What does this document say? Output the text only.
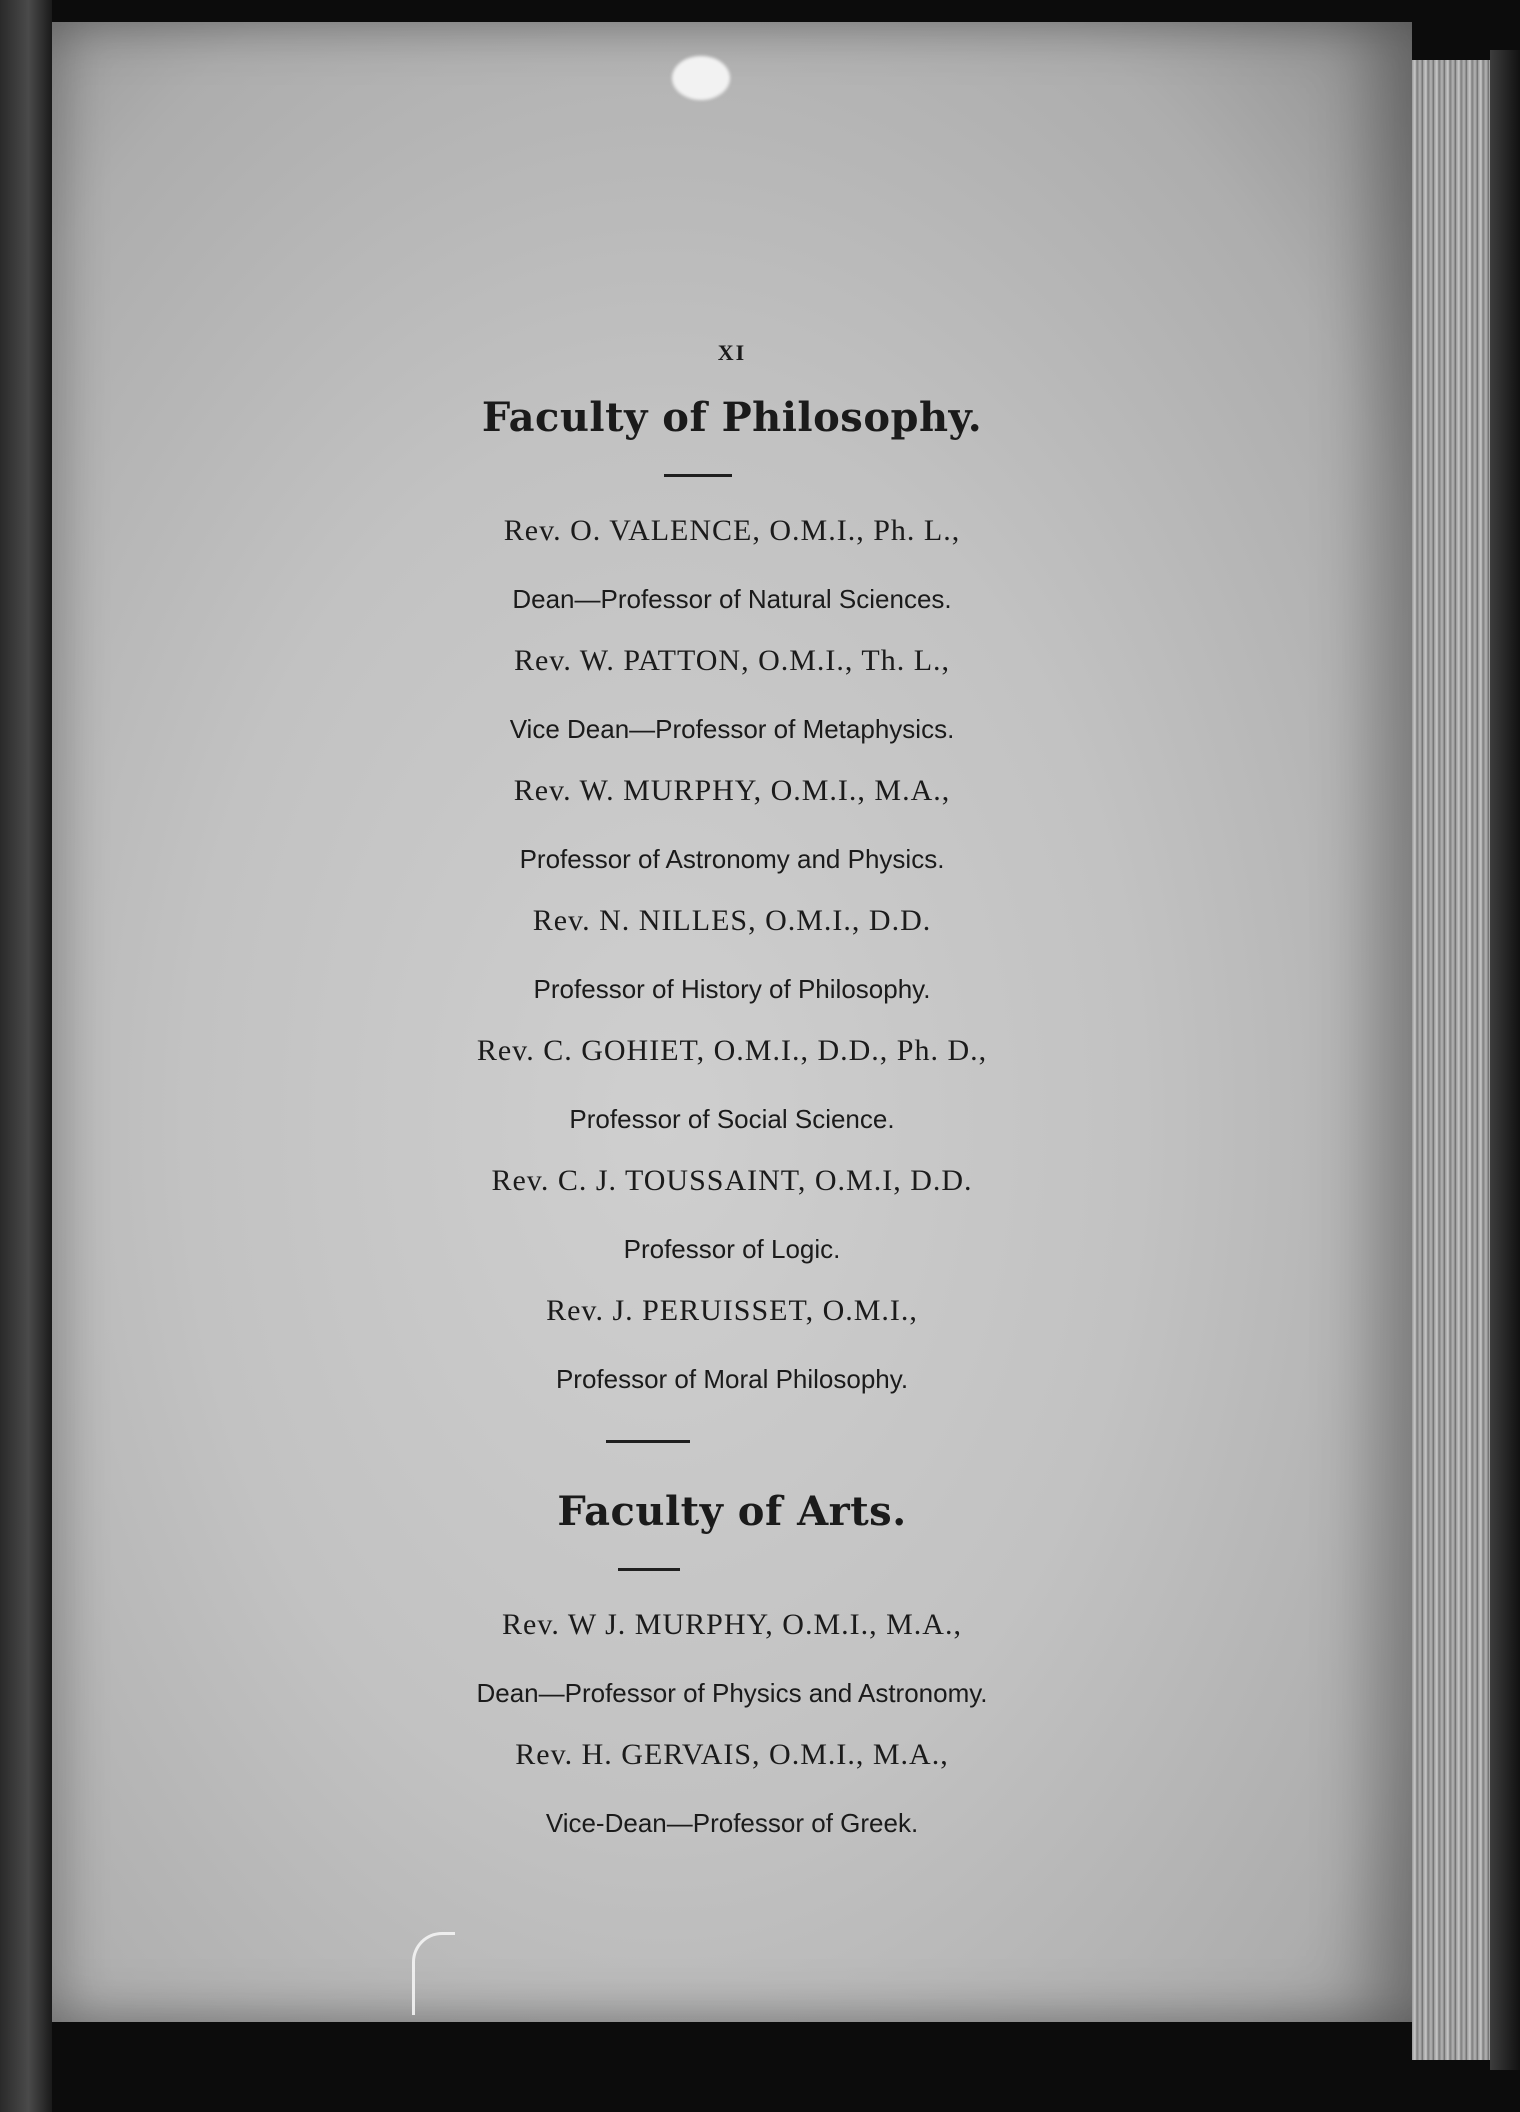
XI
Faculty of Philosophy.
Rev. O. VALENCE, O.M.I., Ph. L.,
Dean—Professor of Natural Sciences.
Rev. W. PATTON, O.M.I., Th. L.,
Vice Dean—Professor of Metaphysics.
Rev. W. MURPHY, O.M.I., M.A.,
Professor of Astronomy and Physics.
Rev. N. NILLES, O.M.I., D.D.
Professor of History of Philosophy.
Rev. C. GOHIET, O.M.I., D.D., Ph. D.,
Professor of Social Science.
Rev. C. J. TOUSSAINT, O.M.I, D.D.
Professor of Logic.
Rev. J. PERUISSET, O.M.I.,
Professor of Moral Philosophy.
Faculty of Arts.
Rev. W J. MURPHY, O.M.I., M.A.,
Dean—Professor of Physics and Astronomy.
Rev. H. GERVAIS, O.M.I., M.A.,
Vice-Dean—Professor of Greek.
